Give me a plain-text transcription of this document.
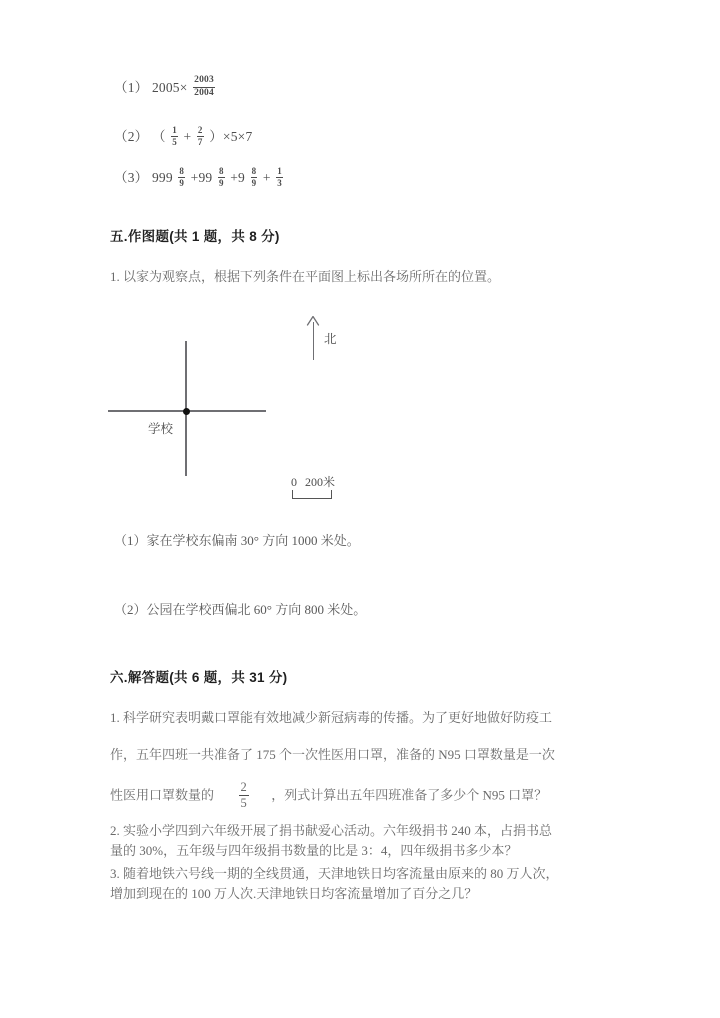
（1） $2005\times \frac{2003}{2004}$
（2） （ $\frac{1}{5} + \frac{2}{7} )\times 5\times 7$
（3） $999 \frac{8}{9} +99 \frac{8}{9} +9 \frac{8}{9} + \frac{1}{3}$
五.作图题(共 1 题，共 8 分)
1. 以家为观察点，根据下列条件在平面图上标出各场所所在的位置。
学校
北
0 200米
（1）家在学校东偏南 30° 方向 1000 米处。
（2）公园在学校西偏北 60° 方向 800 米处。
六.解答题(共 6 题，共 31 分)
1. 科学研究表明戴口罩能有效地减少新冠病毒的传播。为了更好地做好防疫工
作，五年四班一共准备了 175 个一次性医用口罩，准备的 N95 口罩数量是一次
性医用口罩数量的 $\frac{2}{5}$ ，列式计算出五年四班准备了多少个 N95 口罩？
2. 实验小学四到六年级开展了捐书献爱心活动。六年级捐书 240 本，占捐书总
量的 30%，五年级与四年级捐书数量的比是 3：4，四年级捐书多少本？
3. 随着地铁六号线一期的全线贯通，天津地铁日均客流量由原来的 80 万人次，
增加到现在的 100 万人次.天津地铁日均客流量增加了百分之几？
